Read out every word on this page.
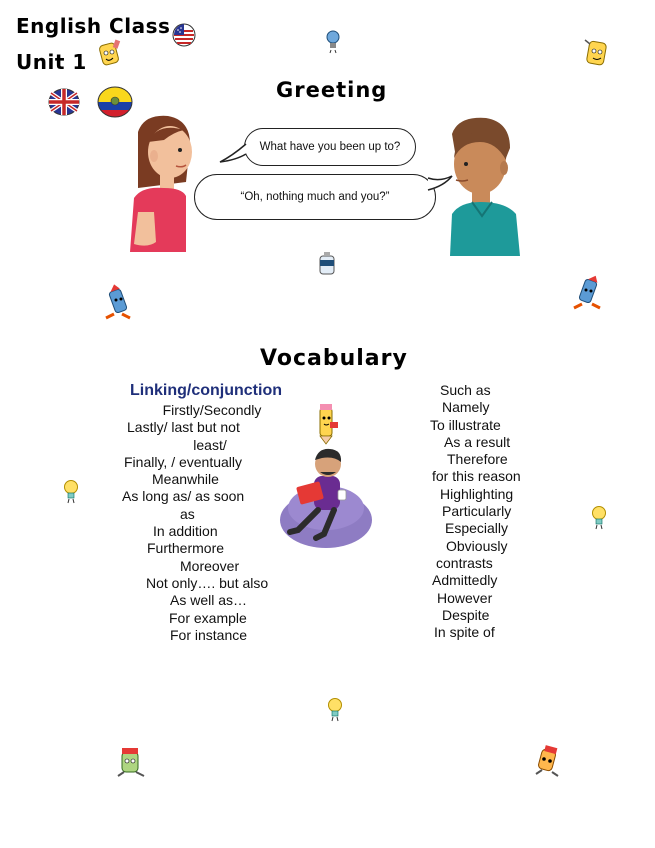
English Class
Unit 1
Greeting
What have you been up to?
“Oh, nothing much and you?”
Vocabulary
Linking/conjunction
Firstly/Secondly
Lastly/ last but not
least/
Finally, / eventually
Meanwhile
As long as/ as soon
as
In addition
Furthermore
Moreover
Not only…. but also
As well as…
For example
For instance
Such as
Namely
To illustrate
As a result
Therefore
for this reason
Highlighting
Particularly
Especially
Obviously
contrasts
Admittedly
However
Despite
In spite of
